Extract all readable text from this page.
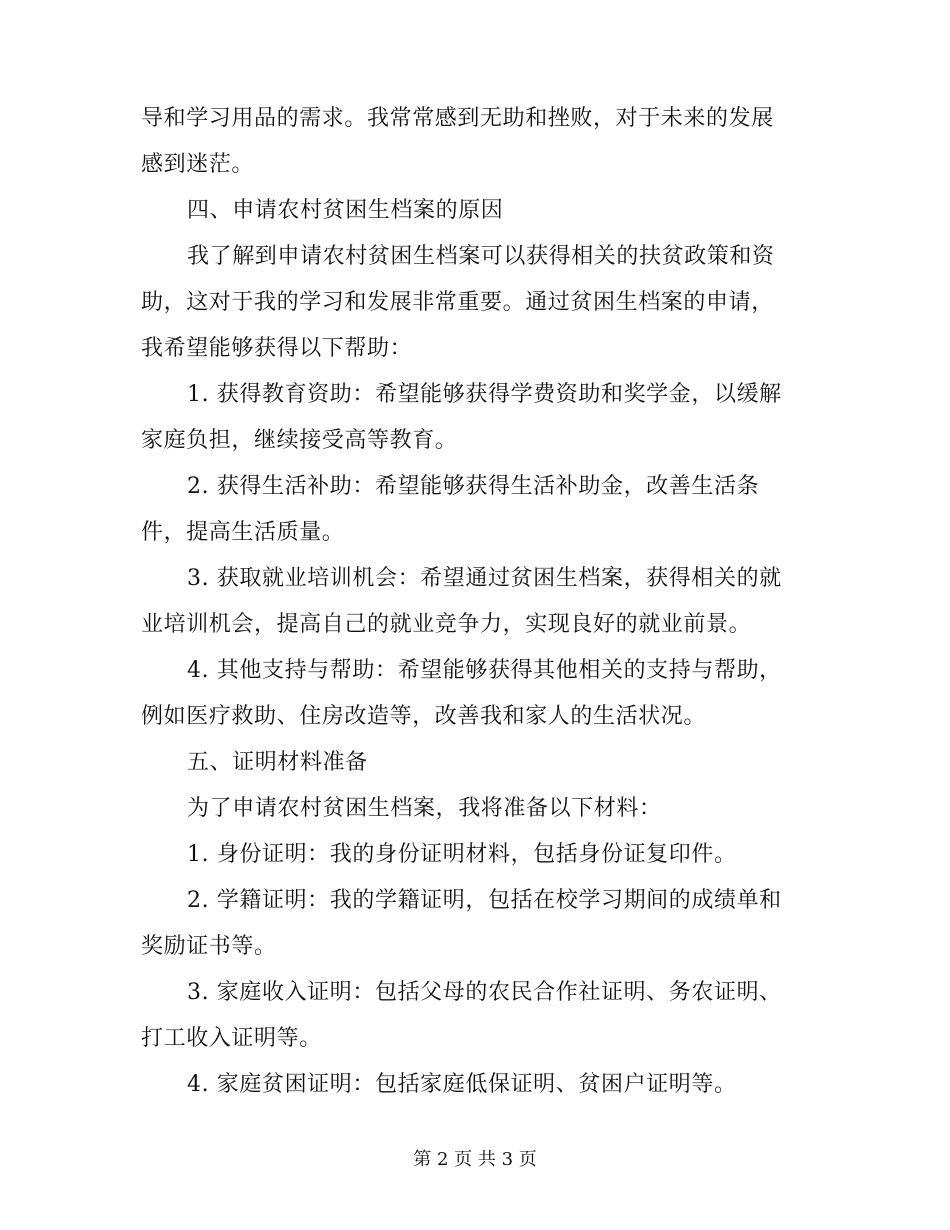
导和学习用品的需求。我常常感到无助和挫败，对于未来的发展
感到迷茫。
四、申请农村贫困生档案的原因
我了解到申请农村贫困生档案可以获得相关的扶贫政策和资
助，这对于我的学习和发展非常重要。通过贫困生档案的申请，
我希望能够获得以下帮助：
1. 获得教育资助：希望能够获得学费资助和奖学金，以缓解
家庭负担，继续接受高等教育。
2. 获得生活补助：希望能够获得生活补助金，改善生活条
件，提高生活质量。
3. 获取就业培训机会：希望通过贫困生档案，获得相关的就
业培训机会，提高自己的就业竞争力，实现良好的就业前景。
4. 其他支持与帮助：希望能够获得其他相关的支持与帮助，
例如医疗救助、住房改造等，改善我和家人的生活状况。
五、证明材料准备
为了申请农村贫困生档案，我将准备以下材料：
1. 身份证明：我的身份证明材料，包括身份证复印件。
2. 学籍证明：我的学籍证明，包括在校学习期间的成绩单和
奖励证书等。
3. 家庭收入证明：包括父母的农民合作社证明、务农证明、
打工收入证明等。
4. 家庭贫困证明：包括家庭低保证明、贫困户证明等。
第 2 页 共 3 页
